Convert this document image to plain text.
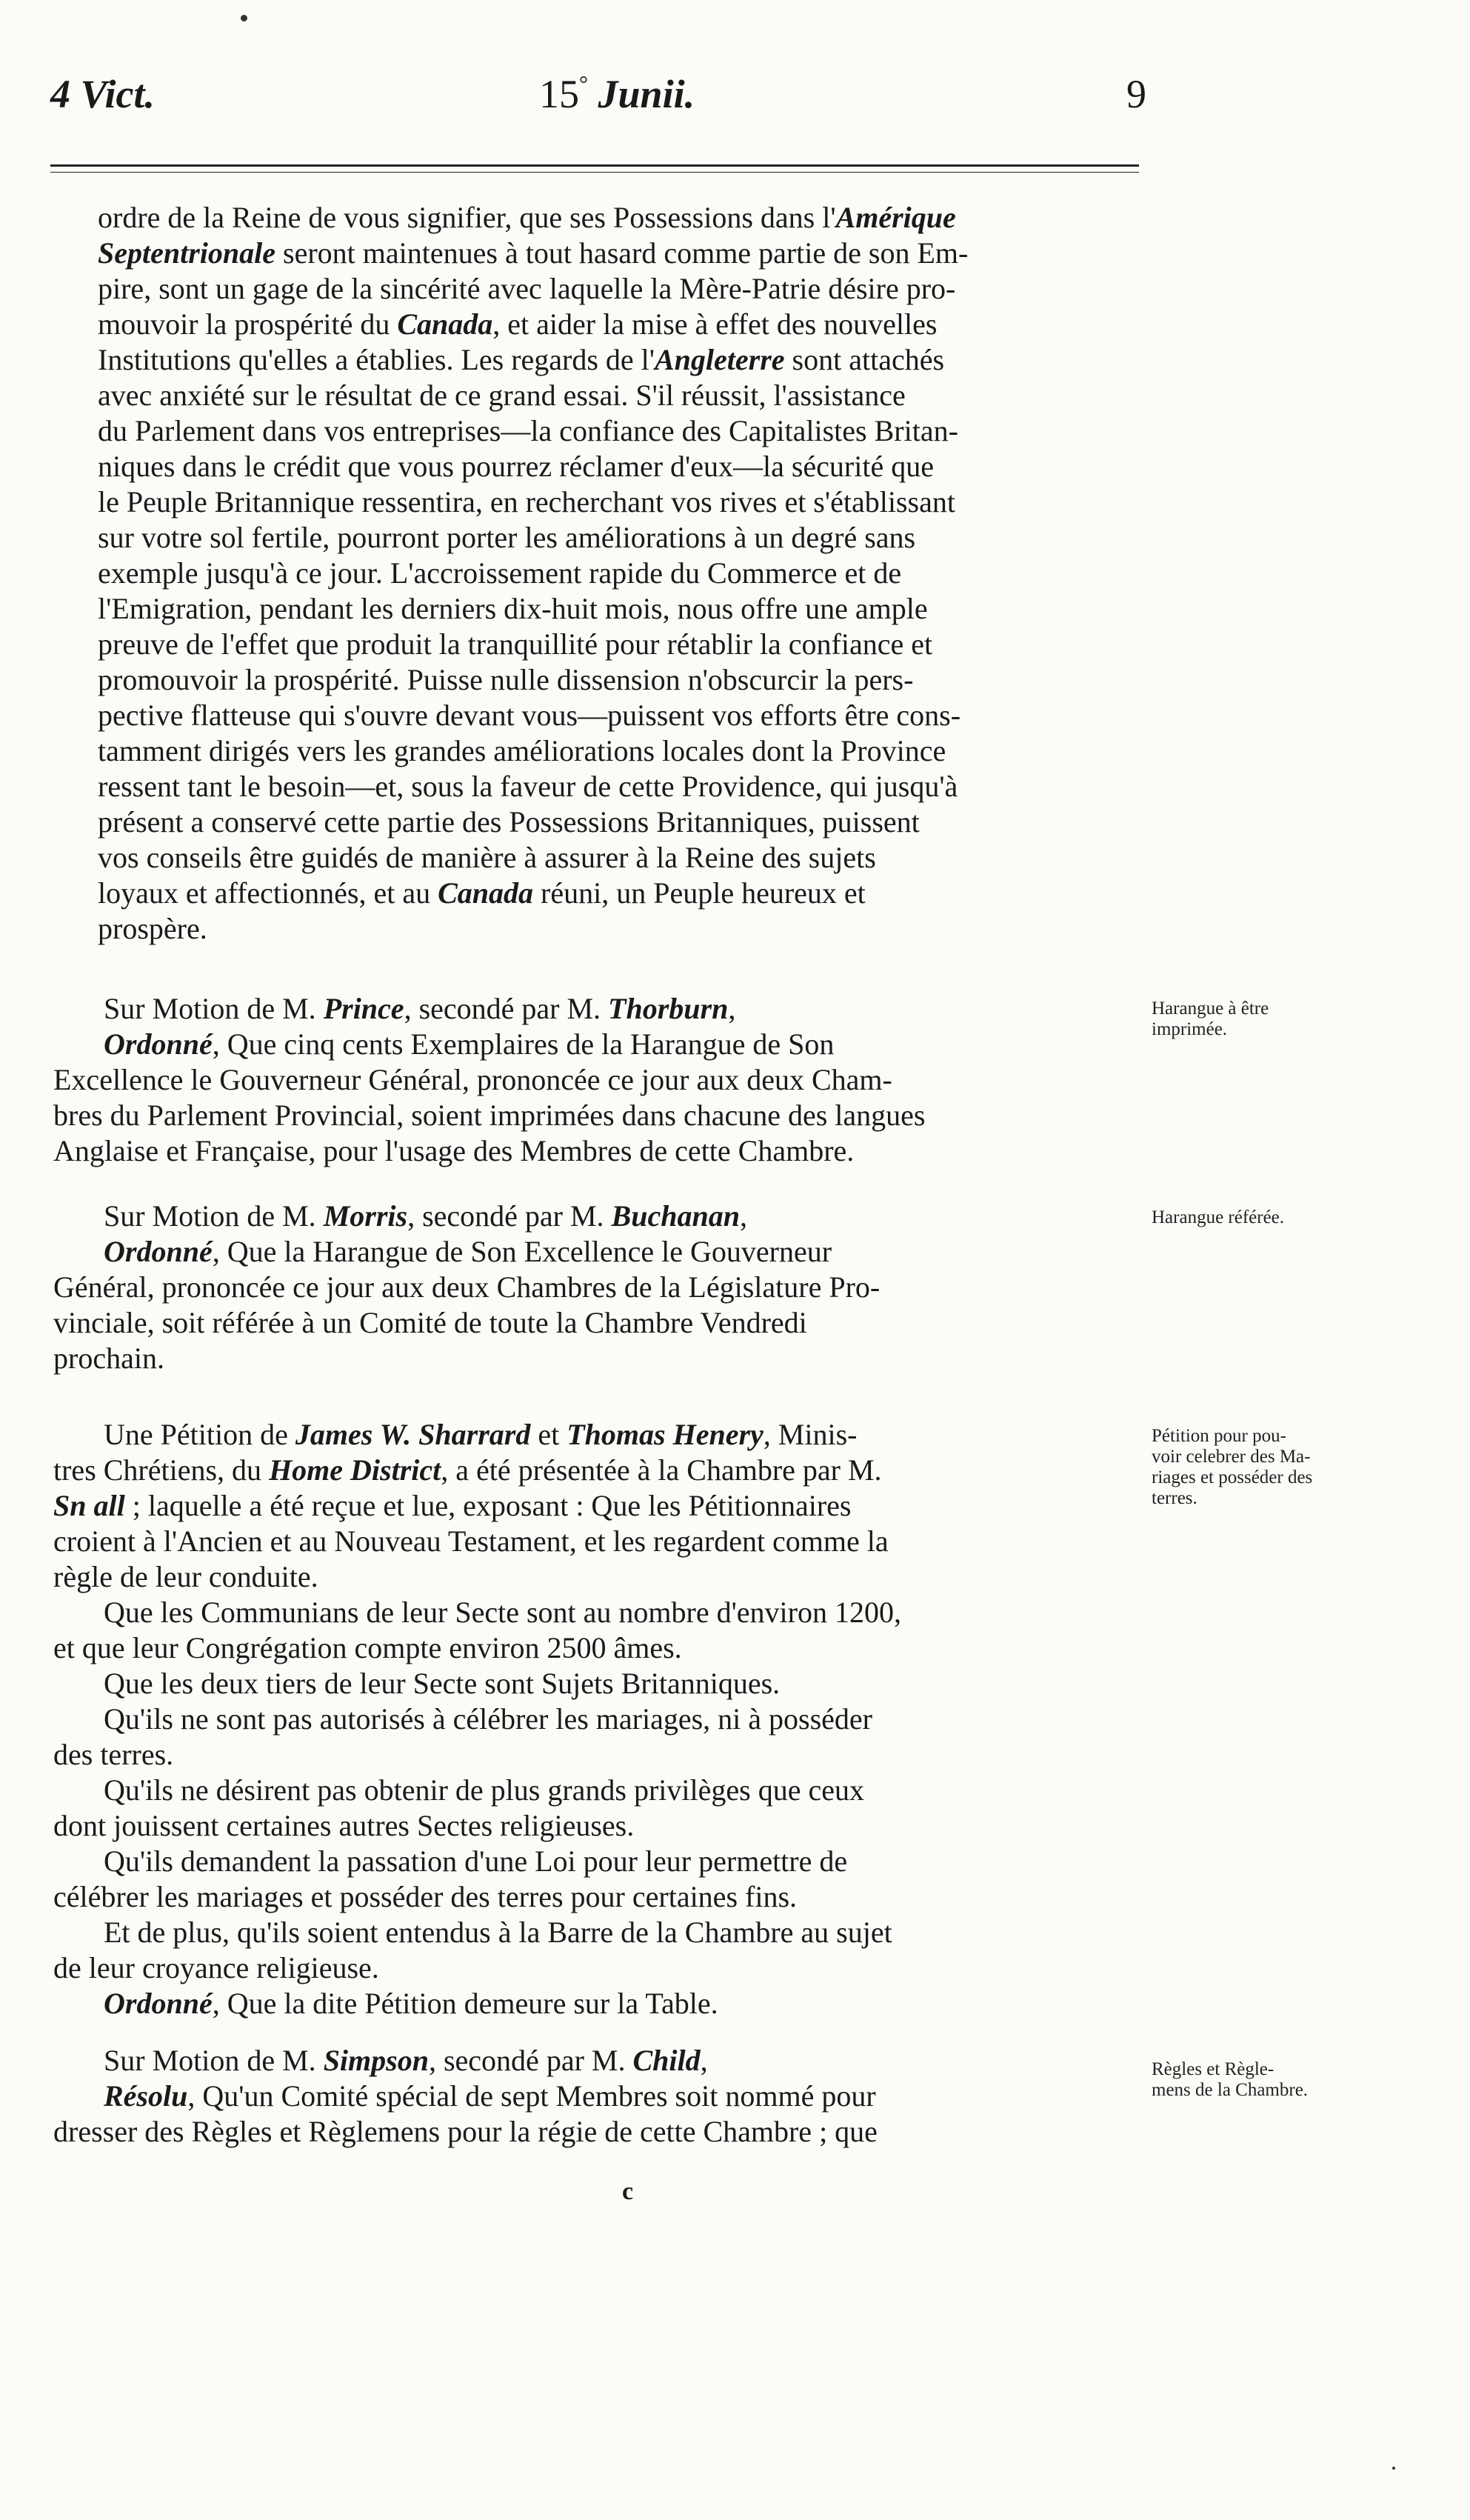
4 Vict.	15° Junii.	9
ordre de la Reine de vous signifier, que ses Possessions dans l'Amérique
Septentrionale seront maintenues à tout hasard comme partie de son Em-
pire, sont un gage de la sincérité avec laquelle la Mère-Patrie désire pro-
mouvoir la prospérité du Canada, et aider la mise à effet des nouvelles
Institutions qu'elles a établies. Les regards de l'Angleterre sont attachés
avec anxiété sur le résultat de ce grand essai. S'il réussit, l'assistance
du Parlement dans vos entreprises—la confiance des Capitalistes Britan-
niques dans le crédit que vous pourrez réclamer d'eux—la sécurité que
le Peuple Britannique ressentira, en recherchant vos rives et s'établissant
sur votre sol fertile, pourront porter les améliorations à un degré sans
exemple jusqu'à ce jour. L'accroissement rapide du Commerce et de
l'Emigration, pendant les derniers dix-huit mois, nous offre une ample
preuve de l'effet que produit la tranquillité pour rétablir la confiance et
promouvoir la prospérité. Puisse nulle dissension n'obscurcir la pers-
pective flatteuse qui s'ouvre devant vous—puissent vos efforts être cons-
tamment dirigés vers les grandes améliorations locales dont la Province
ressent tant le besoin—et, sous la faveur de cette Providence, qui jusqu'à
présent a conservé cette partie des Possessions Britanniques, puissent
vos conseils être guidés de manière à assurer à la Reine des sujets
loyaux et affectionnés, et au Canada réuni, un Peuple heureux et
prospère.
Sur Motion de M. Prince, secondé par M. Thorburn,
Ordonné, Que cinq cents Exemplaires de la Harangue de Son
Excellence le Gouverneur Général, prononcée ce jour aux deux Cham-
bres du Parlement Provincial, soient imprimées dans chacune des langues
Anglaise et Française, pour l'usage des Membres de cette Chambre.
Sur Motion de M. Morris, secondé par M. Buchanan,
Ordonné, Que la Harangue de Son Excellence le Gouverneur
Général, prononcée ce jour aux deux Chambres de la Législature Pro-
vinciale, soit référée à un Comité de toute la Chambre Vendredi
prochain.
Une Pétition de James W. Sharrard et Thomas Henery, Minis-
tres Chrétiens, du Home District, a été présentée à la Chambre par M.
Sn all ; laquelle a été reçue et lue, exposant : Que les Pétitionnaires
croient à l'Ancien et au Nouveau Testament, et les regardent comme la
règle de leur conduite.
Que les Communians de leur Secte sont au nombre d'environ 1200,
et que leur Congrégation compte environ 2500 âmes.
Que les deux tiers de leur Secte sont Sujets Britanniques.
Qu'ils ne sont pas autorisés à célébrer les mariages, ni à posséder
des terres.
Qu'ils ne désirent pas obtenir de plus grands privilèges que ceux
dont jouissent certaines autres Sectes religieuses.
Qu'ils demandent la passation d'une Loi pour leur permettre de
célébrer les mariages et posséder des terres pour certaines fins.
Et de plus, qu'ils soient entendus à la Barre de la Chambre au sujet
de leur croyance religieuse.
Ordonné, Que la dite Pétition demeure sur la Table.
Sur Motion de M. Simpson, secondé par M. Child,
Résolu, Qu'un Comité spécial de sept Membres soit nommé pour
dresser des Règles et Règlemens pour la régie de cette Chambre ; que
Harangue à être
imprimée.
Harangue référée.
Pétition pour pou-
voir celebrer des Ma-
riages et posséder des
terres.
Règles et Règle-
mens de la Chambre.
c
